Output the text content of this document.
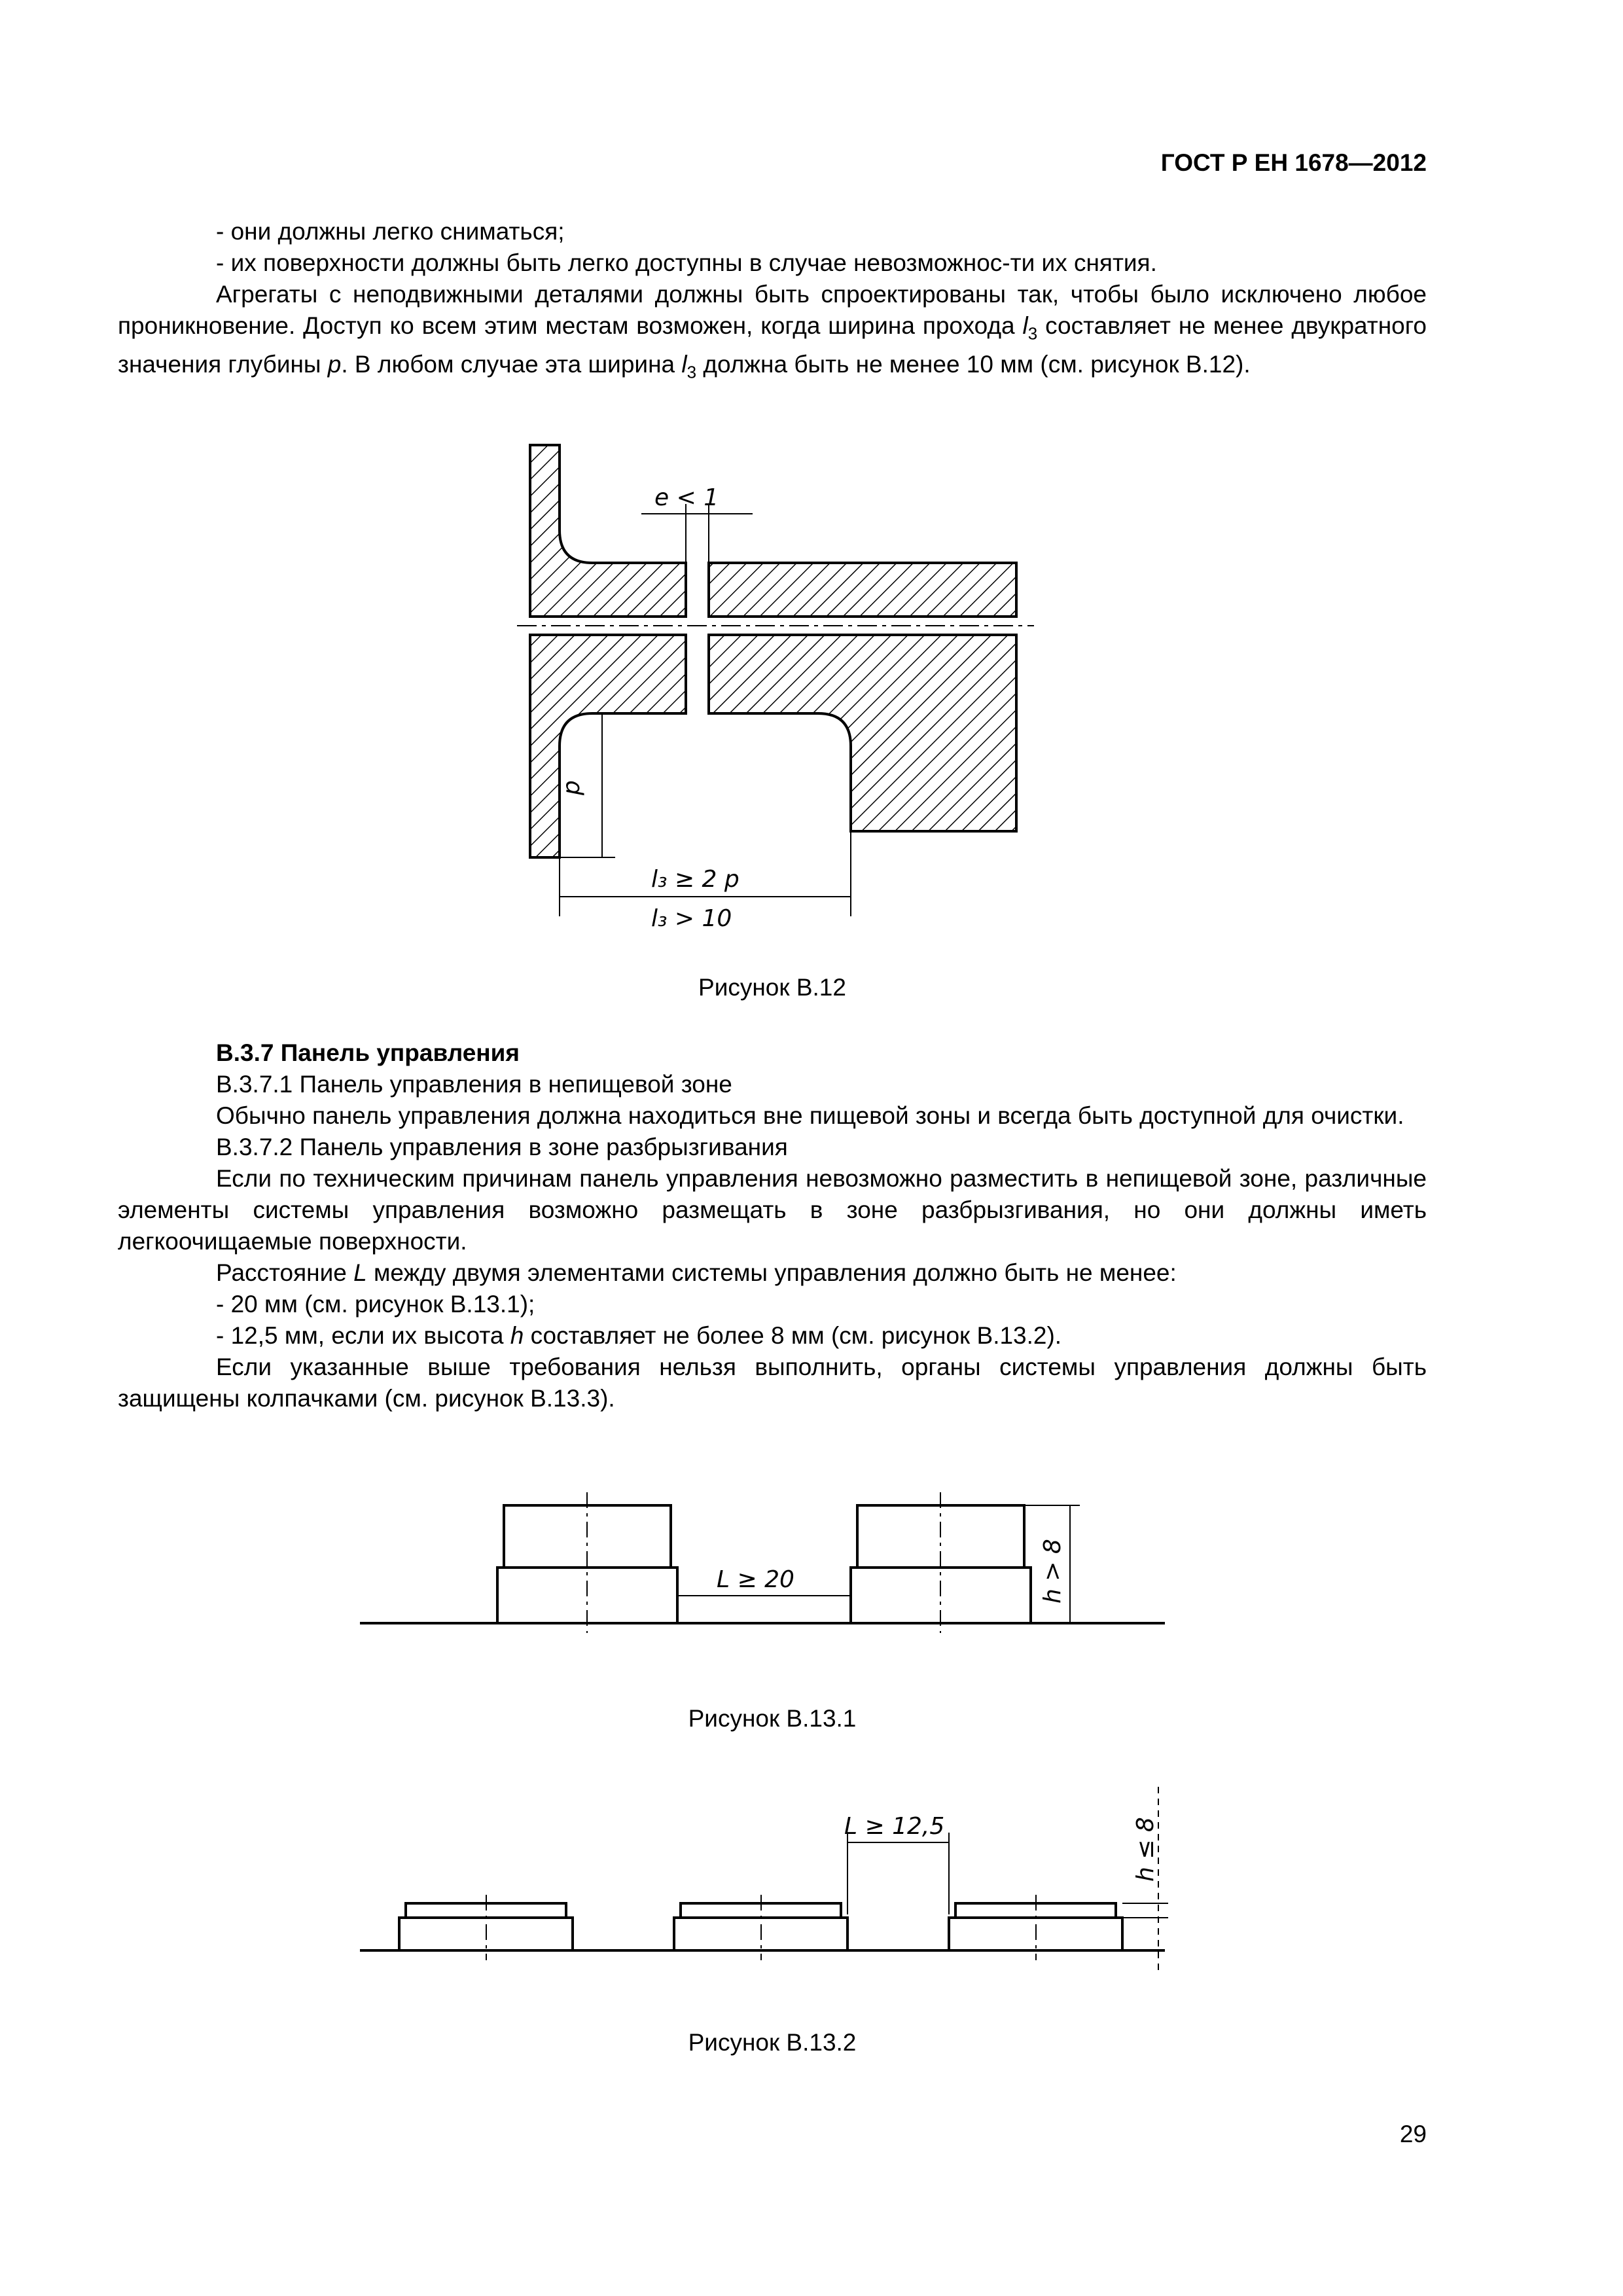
ГОСТ Р ЕН 1678—2012

- они должны легко сниматься;

- их поверхности должны быть легко доступны в случае невозможнос-ти их снятия.

Агрегаты с неподвижными деталями должны быть спроектированы так, чтобы было исключено любое проникновение. Доступ ко всем этим местам возможен, когда ширина прохода $l_3$ составляет не менее двукратного значения глубины p. В любом случае эта ширина $l_3$ должна быть не менее 10 мм (см. рисунок В.12).

e < 1
p
l₃ ≥ 2 p
l₃ > 10
Рисунок В.12

В.3.7 Панель управления

В.3.7.1 Панель управления в непищевой зоне

Обычно панель управления должна находиться вне пищевой зоны и всегда быть доступной для очистки.

В.3.7.2 Панель управления в зоне разбрызгивания

Если по техническим причинам панель управления невозможно разместить в непищевой зоне, различные элементы системы управления возможно размещать в зоне разбрызгивания, но они должны иметь легкоочищаемые поверхности.

Расстояние L между двумя элементами системы управления должно быть не менее:

- 20 мм (см. рисунок В.13.1);

- 12,5 мм, если их высота h составляет не более 8 мм (см. рисунок В.13.2).

Если указанные выше требования нельзя выполнить, органы системы управления должны быть защищены колпачками (см. рисунок В.13.3).

L ≥ 20	h > 8
Рисунок В.13.1
L ≥ 12,5	h ≤ 8
Рисунок В.13.2
29
